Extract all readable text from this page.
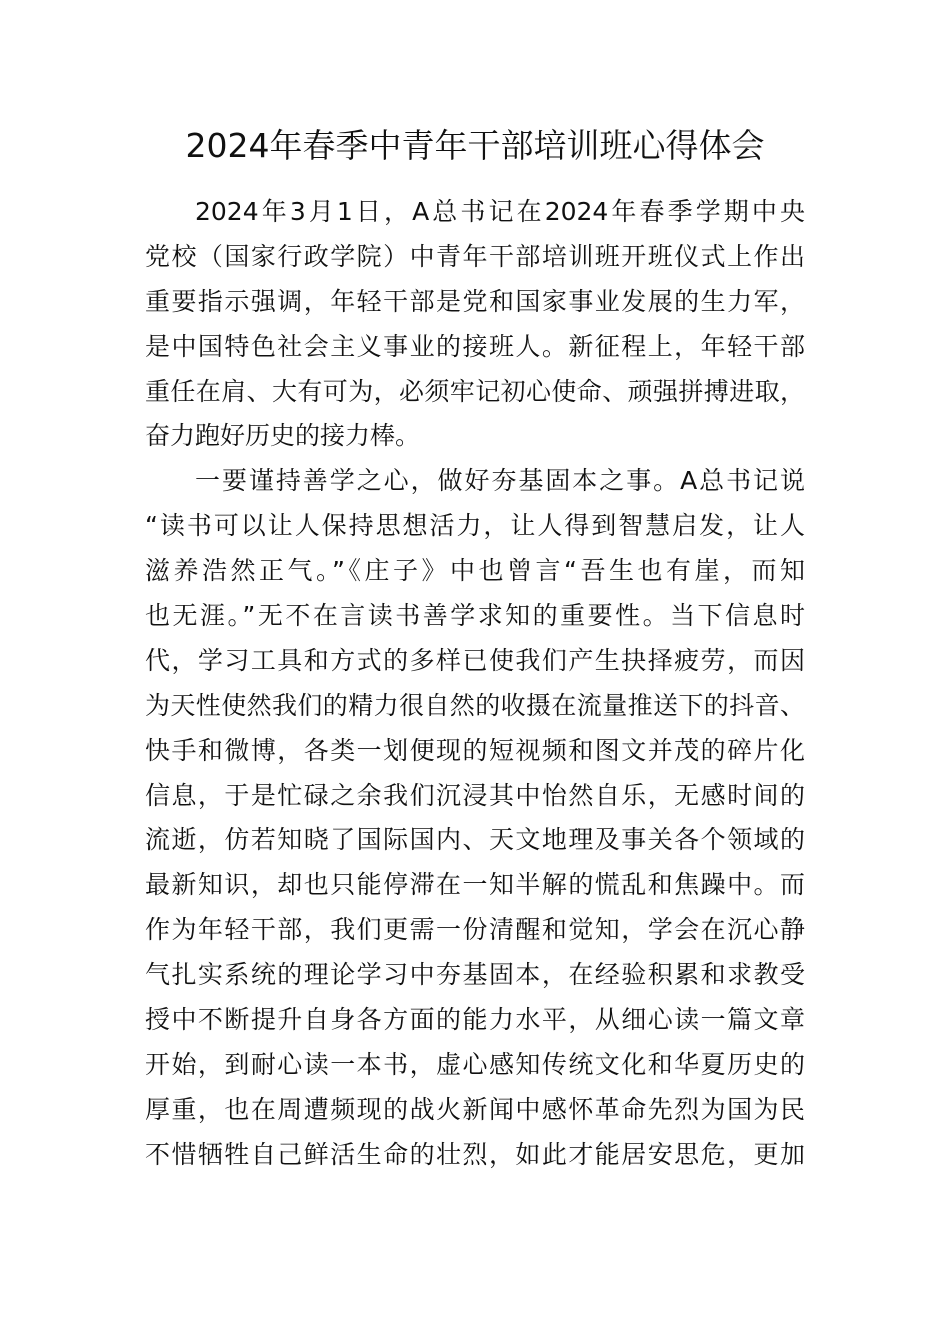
2024年春季中青年干部培训班心得体会
2024年3月1日，A总书记在2024年春季学期中央
党校（国家行政学院）中青年干部培训班开班仪式上作出
重要指示强调，年轻干部是党和国家事业发展的生力军，
是中国特色社会主义事业的接班人。新征程上，年轻干部
重任在肩、大有可为，必须牢记初心使命、顽强拼搏进取，
奋力跑好历史的接力棒。
一要谨持善学之心，做好夯基固本之事。A总书记说
“读书可以让人保持思想活力，让人得到智慧启发，让人
滋养浩然正气。”《庄子》中也曾言“吾生也有崖，而知
也无涯。”无不在言读书善学求知的重要性。当下信息时
代，学习工具和方式的多样已使我们产生抉择疲劳，而因
为天性使然我们的精力很自然的收摄在流量推送下的抖音、
快手和微博，各类一划便现的短视频和图文并茂的碎片化
信息，于是忙碌之余我们沉浸其中怡然自乐，无感时间的
流逝，仿若知晓了国际国内、天文地理及事关各个领域的
最新知识，却也只能停滞在一知半解的慌乱和焦躁中。而
作为年轻干部，我们更需一份清醒和觉知，学会在沉心静
气扎实系统的理论学习中夯基固本，在经验积累和求教受
授中不断提升自身各方面的能力水平，从细心读一篇文章
开始，到耐心读一本书，虚心感知传统文化和华夏历史的
厚重，也在周遭频现的战火新闻中感怀革命先烈为国为民
不惜牺牲自己鲜活生命的壮烈，如此才能居安思危，更加
